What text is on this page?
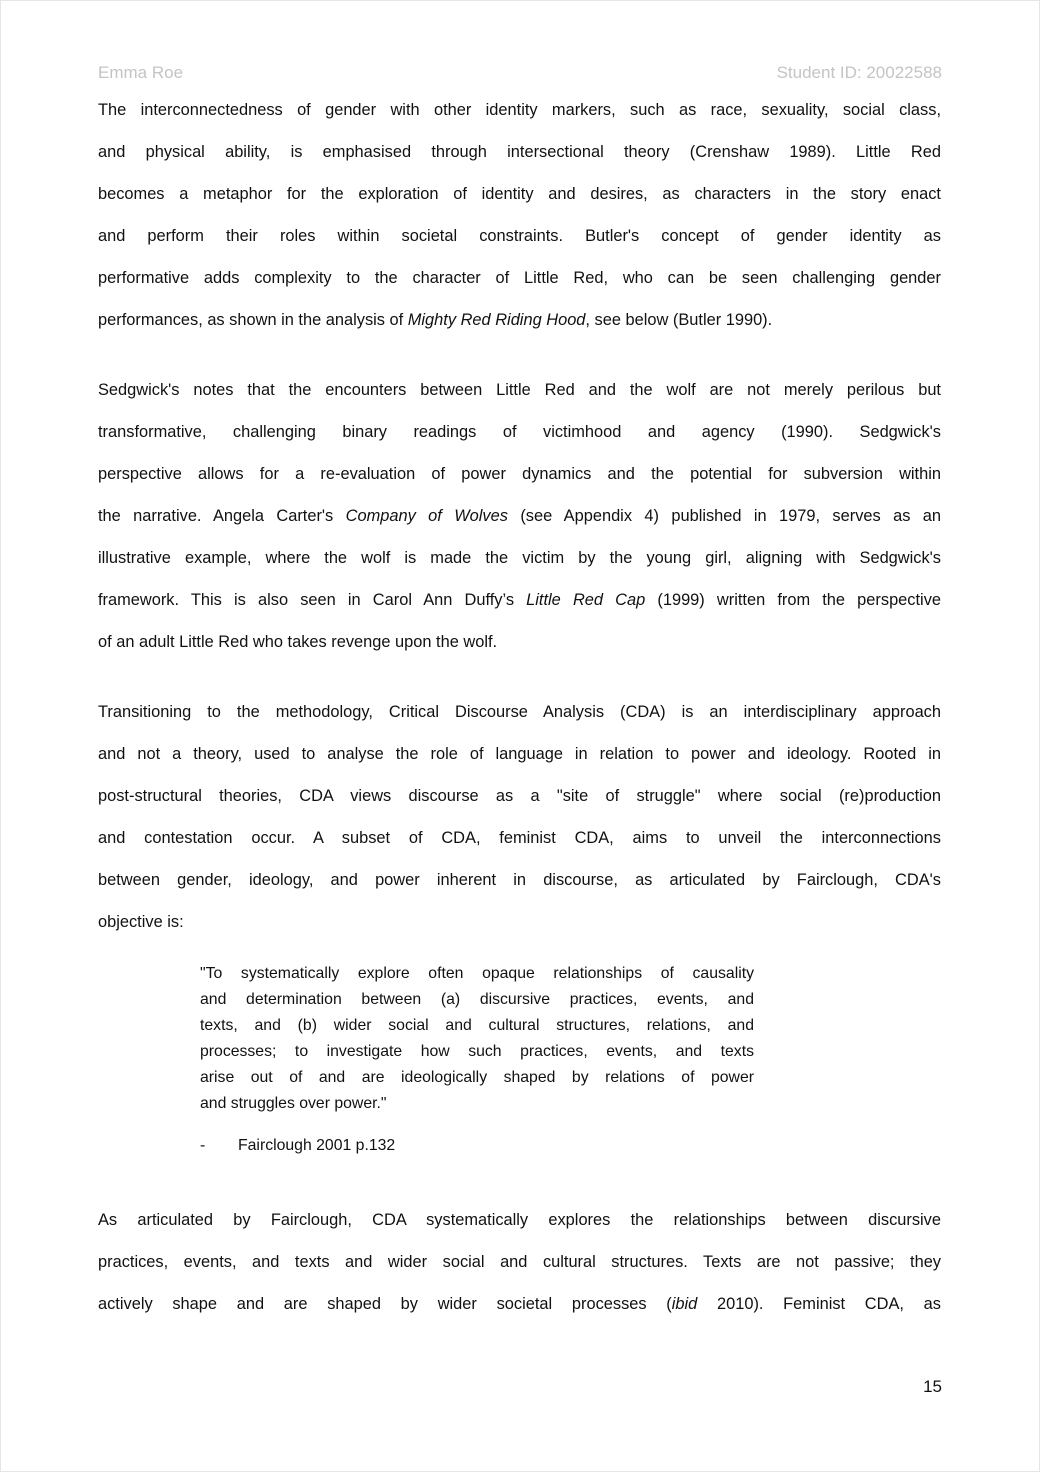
Emma Roe	Student ID: 20022588
The interconnectedness of gender with other identity markers, such as race, sexuality, social class,
and physical ability, is emphasised through intersectional theory (Crenshaw 1989). Little Red
becomes a metaphor for the exploration of identity and desires, as characters in the story enact
and perform their roles within societal constraints. Butler's concept of gender identity as
performative adds complexity to the character of Little Red, who can be seen challenging gender
performances, as shown in the analysis of Mighty Red Riding Hood, see below (Butler 1990).
Sedgwick's notes that the encounters between Little Red and the wolf are not merely perilous but
transformative, challenging binary readings of victimhood and agency (1990). Sedgwick's
perspective allows for a re-evaluation of power dynamics and the potential for subversion within
the narrative. Angela Carter's Company of Wolves (see Appendix 4) published in 1979, serves as an
illustrative example, where the wolf is made the victim by the young girl, aligning with Sedgwick's
framework. This is also seen in Carol Ann Duffy’s Little Red Cap (1999) written from the perspective
of an adult Little Red who takes revenge upon the wolf.
Transitioning to the methodology, Critical Discourse Analysis (CDA) is an interdisciplinary approach
and not a theory, used to analyse the role of language in relation to power and ideology. Rooted in
post-structural theories, CDA views discourse as a "site of struggle" where social (re)production
and contestation occur. A subset of CDA, feminist CDA, aims to unveil the interconnections
between gender, ideology, and power inherent in discourse, as articulated by Fairclough, CDA's
objective is:
"To systematically explore often opaque relationships of causality
and determination between (a) discursive practices, events, and
texts, and (b) wider social and cultural structures, relations, and
processes; to investigate how such practices, events, and texts
arise out of and are ideologically shaped by relations of power
and struggles over power."
- Fairclough 2001 p.132
As articulated by Fairclough, CDA systematically explores the relationships between discursive
practices, events, and texts and wider social and cultural structures. Texts are not passive; they
actively shape and are shaped by wider societal processes (ibid 2010). Feminist CDA, as
15
